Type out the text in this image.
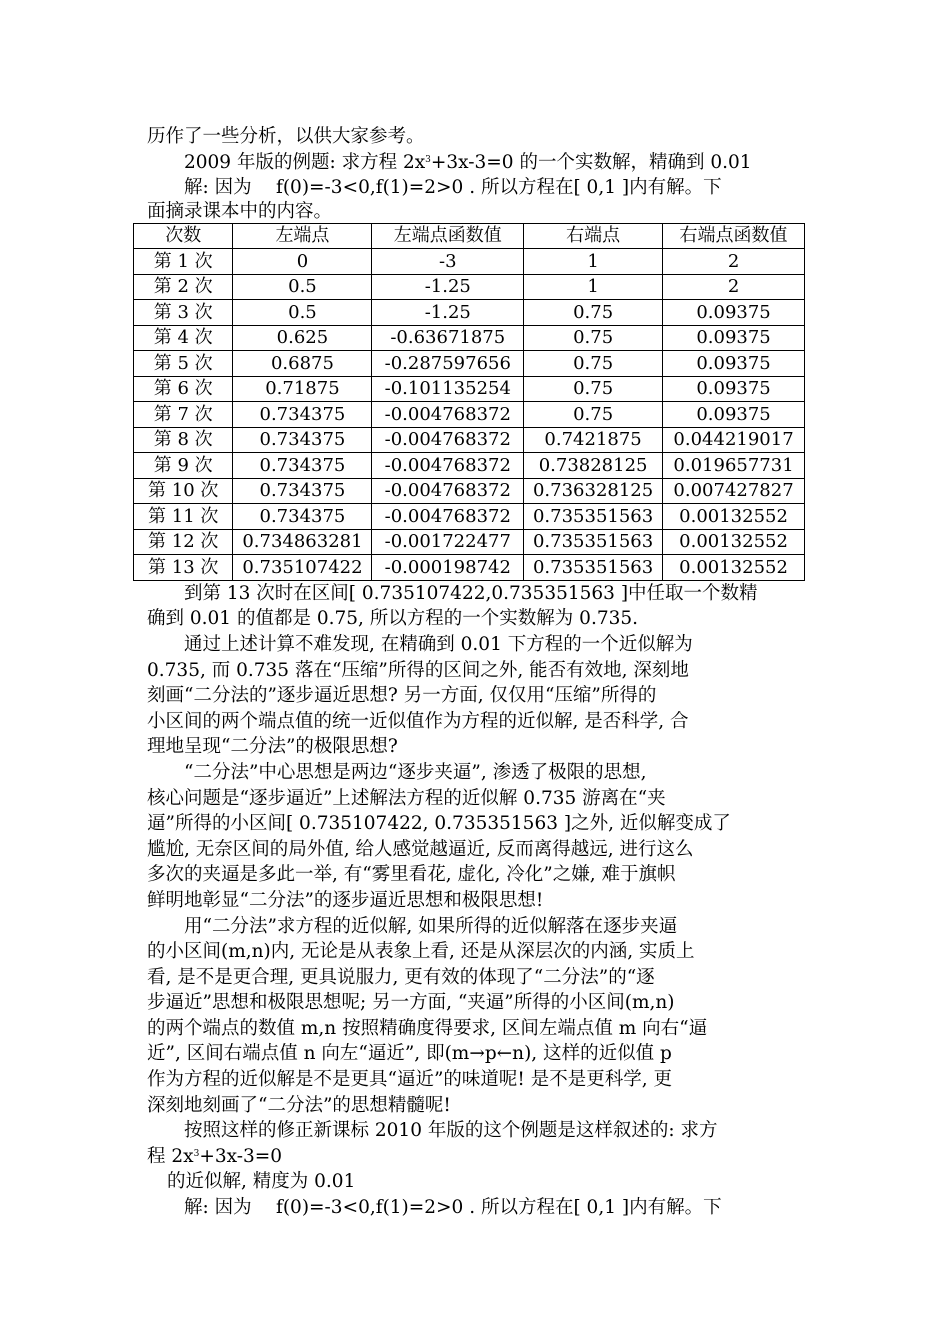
历作了一些分析，以供大家参考。
2009 年版的例题: 求方程 $2x^3+3x-3=0$ 的一个实数解，精确到 0.01
解: 因为　 f(0)=-3<0,f(1)=2>0 . 所以方程在[ 0,1 ]内有解。下
面摘录课本中的内容。
次数	左端点	左端点函数值	右端点	右端点函数值
第 1 次	0	-3	1	2
第 2 次	0.5	-1.25	1	2
第 3 次	0.5	-1.25	0.75	0.09375
第 4 次	0.625	-0.63671875	0.75	0.09375
第 5 次	0.6875	-0.287597656	0.75	0.09375
第 6 次	0.71875	-0.101135254	0.75	0.09375
第 7 次	0.734375	-0.004768372	0.75	0.09375
第 8 次	0.734375	-0.004768372	0.7421875	0.044219017
第 9 次	0.734375	-0.004768372	0.73828125	0.019657731
第 10 次	0.734375	-0.004768372	0.736328125	0.007427827
第 11 次	0.734375	-0.004768372	0.735351563	0.00132552
第 12 次	0.734863281	-0.001722477	0.735351563	0.00132552
第 13 次	0.735107422	-0.000198742	0.735351563	0.00132552
到第 13 次时在区间[ 0.735107422,0.735351563 ]中任取一个数精
确到 0.01 的值都是 0.75, 所以方程的一个实数解为 0.735.
通过上述计算不难发现, 在精确到 0.01 下方程的一个近似解为
0.735, 而 0.735 落在“压缩”所得的区间之外, 能否有效地, 深刻地
刻画“二分法的”逐步逼近思想? 另一方面, 仅仅用“压缩”所得的
小区间的两个端点值的统一近似值作为方程的近似解, 是否科学, 合
理地呈现“二分法”的极限思想?
“二分法”中心思想是两边“逐步夹逼”, 渗透了极限的思想,
核心问题是“逐步逼近”上述解法方程的近似解 0.735 游离在“夹
逼”所得的小区间[ 0.735107422, 0.735351563 ]之外, 近似解变成了
尴尬, 无奈区间的局外值, 给人感觉越逼近, 反而离得越远, 进行这么
多次的夹逼是多此一举, 有“雾里看花, 虚化, 冷化”之嫌, 难于旗帜
鲜明地彰显“二分法”的逐步逼近思想和极限思想!
用“二分法”求方程的近似解, 如果所得的近似解落在逐步夹逼
的小区间(m,n)内, 无论是从表象上看, 还是从深层次的内涵, 实质上
看, 是不是更合理, 更具说服力, 更有效的体现了“二分法”的“逐
步逼近”思想和极限思想呢; 另一方面, “夹逼”所得的小区间(m,n)
的两个端点的数值 m,n 按照精确度得要求, 区间左端点值 m 向右“逼
近”, 区间右端点值 n 向左“逼近”, 即(m→p←n), 这样的近似值 p
作为方程的近似解是不是更具“逼近”的味道呢! 是不是更科学, 更
深刻地刻画了“二分法”的思想精髓呢!
按照这样的修正新课标 2010 年版的这个例题是这样叙述的: 求方
程 $2x^3+3x-3=0$
的近似解, 精度为 0.01
解: 因为　 f(0)=-3<0,f(1)=2>0 . 所以方程在[ 0,1 ]内有解。下
